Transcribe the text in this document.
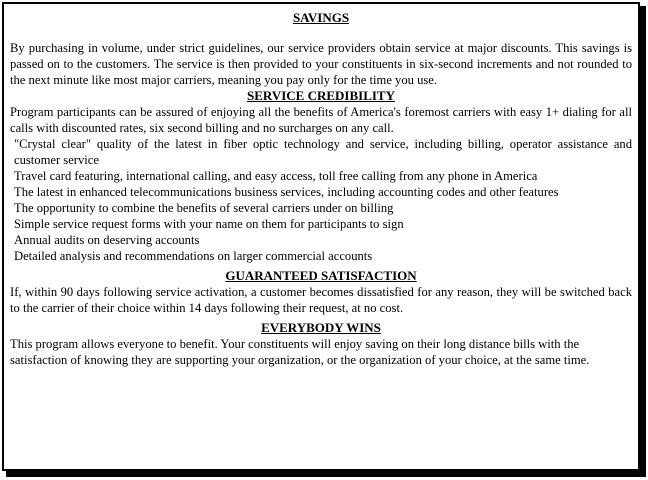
SAVINGS

By purchasing in volume, under strict guidelines, our service providers obtain service at major discounts. This savings is passed on to the customers. The service is then provided to your constituents in six-second increments and not rounded to the next minute like most major carriers, meaning you pay only for the time you use.

SERVICE CREDIBILITY

Program participants can be assured of enjoying all the benefits of America's foremost carriers with easy 1+ dialing for all calls with discounted rates, six second billing and no surcharges on any call.

"Crystal clear" quality of the latest in fiber optic technology and service, including billing, operator assistance and customer service

Travel card featuring, international calling, and easy access, toll free calling from any phone in America

The latest in enhanced telecommunications business services, including accounting codes and other features

The opportunity to combine the benefits of several carriers under on billing

Simple service request forms with your name on them for participants to sign

Annual audits on deserving accounts

Detailed analysis and recommendations on larger commercial accounts

GUARANTEED SATISFACTION

If, within 90 days following service activation, a customer becomes dissatisfied for any reason, they will be switched back to the carrier of their choice within 14 days following their request, at no cost.

EVERYBODY WINS

This program allows everyone to benefit. Your constituents will enjoy saving on their long distance bills with the

satisfaction of knowing they are supporting your organization, or the organization of your choice, at the same time.
